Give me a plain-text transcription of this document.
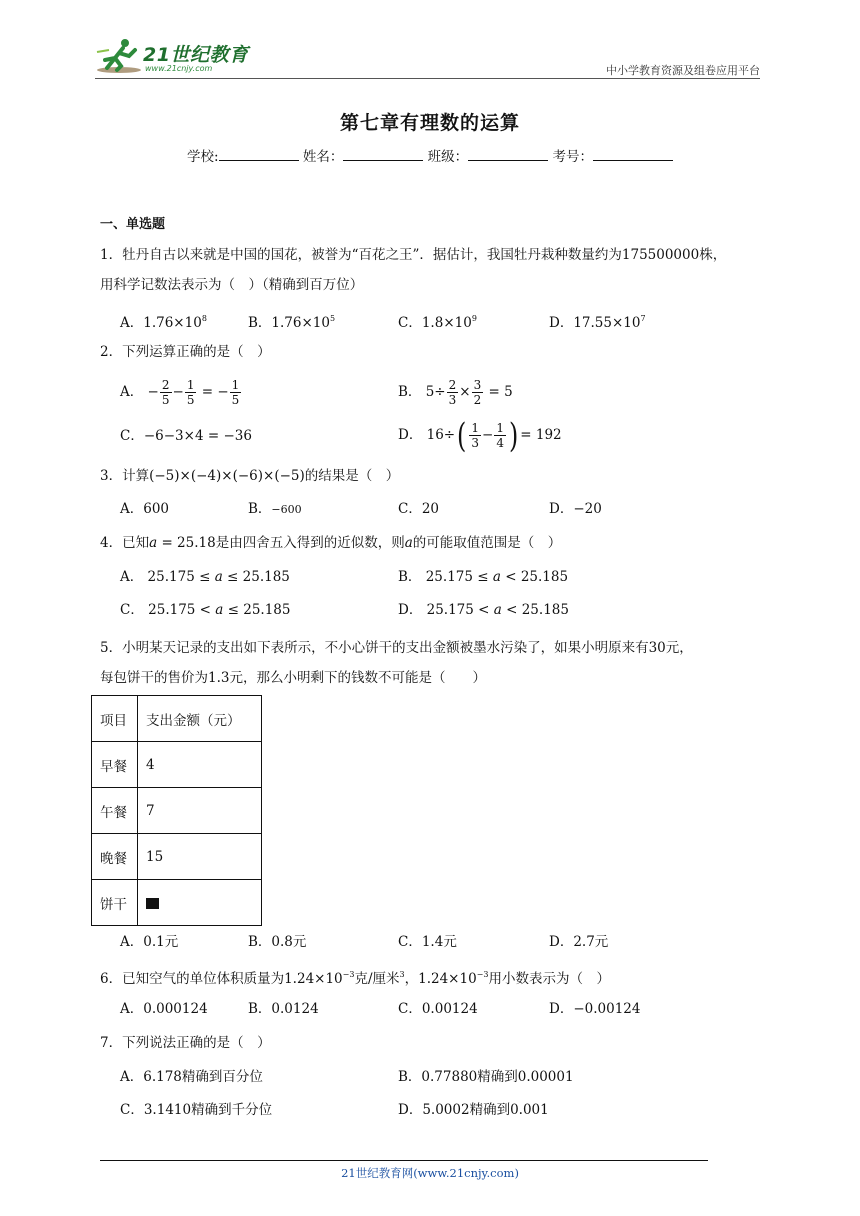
21世纪教育
www.21cnjy.com	中小学教育资源及组卷应用平台
第七章有理数的运算
学校:	姓名：	班级：	考号：
一、单选题
1．牡丹自古以来就是中国的国花，被誉为“百花之王”．据估计，我国牡丹栽种数量约为175500000株，
用科学记数法表示为（　）（精确到百万位）
A．$1.76\times 10^8$	B．$1.76\times 10^5$	C．$1.8\times 10^9$	D．$17.55\times 10^7$
2．下列运算正确的是（　）
A． − $\frac{2}{5} - \frac{1}{5}$ = − $\frac{1}{5}$	B． $5\div \frac{2}{3} \times \frac{3}{2} = 5$
C．−6−3×4 = −36	D． $16\div( \frac{1}{3} - \frac{1}{4}$ ) = 192
3．计算(−5)×(−4)×(−6)×(−5)的结果是（　）
A．600	B．−600	C．20	D．−20
4．已知a = 25.18是由四舍五入得到的近似数，则a的可能取值范围是（　）
A． 25.175 ≤ a ≤ 25.185	B． 25.175 ≤ a < 25.185
C． 25.175 < a ≤ 25.185	D． 25.175 < a < 25.185
5．小明某天记录的支出如下表所示，不小心饼干的支出金额被墨水污染了，如果小明原来有30元，
每包饼干的售价为1.3元，那么小明剩下的钱数不可能是（　　）
项目	支出金额（元）
早餐	4
午餐	7
晚餐	15
饼干	
A．0.1元	B．0.8元	C．1.4元	D．2.7元
6．已知空气的单位体积质量为$1.24\times 10^{-3}$克/厘米$^3$，$1.24\times 10^{-3}$用小数表示为（　）
A．0.000124	B．0.0124	C．0.00124	D．−0.00124
7．下列说法正确的是（　）
A．6.178精确到百分位	B．0.77880精确到0.00001
C．3.1410精确到千分位	D．5.0002精确到0.001
21世纪教育网(www.21cnjy.com)
